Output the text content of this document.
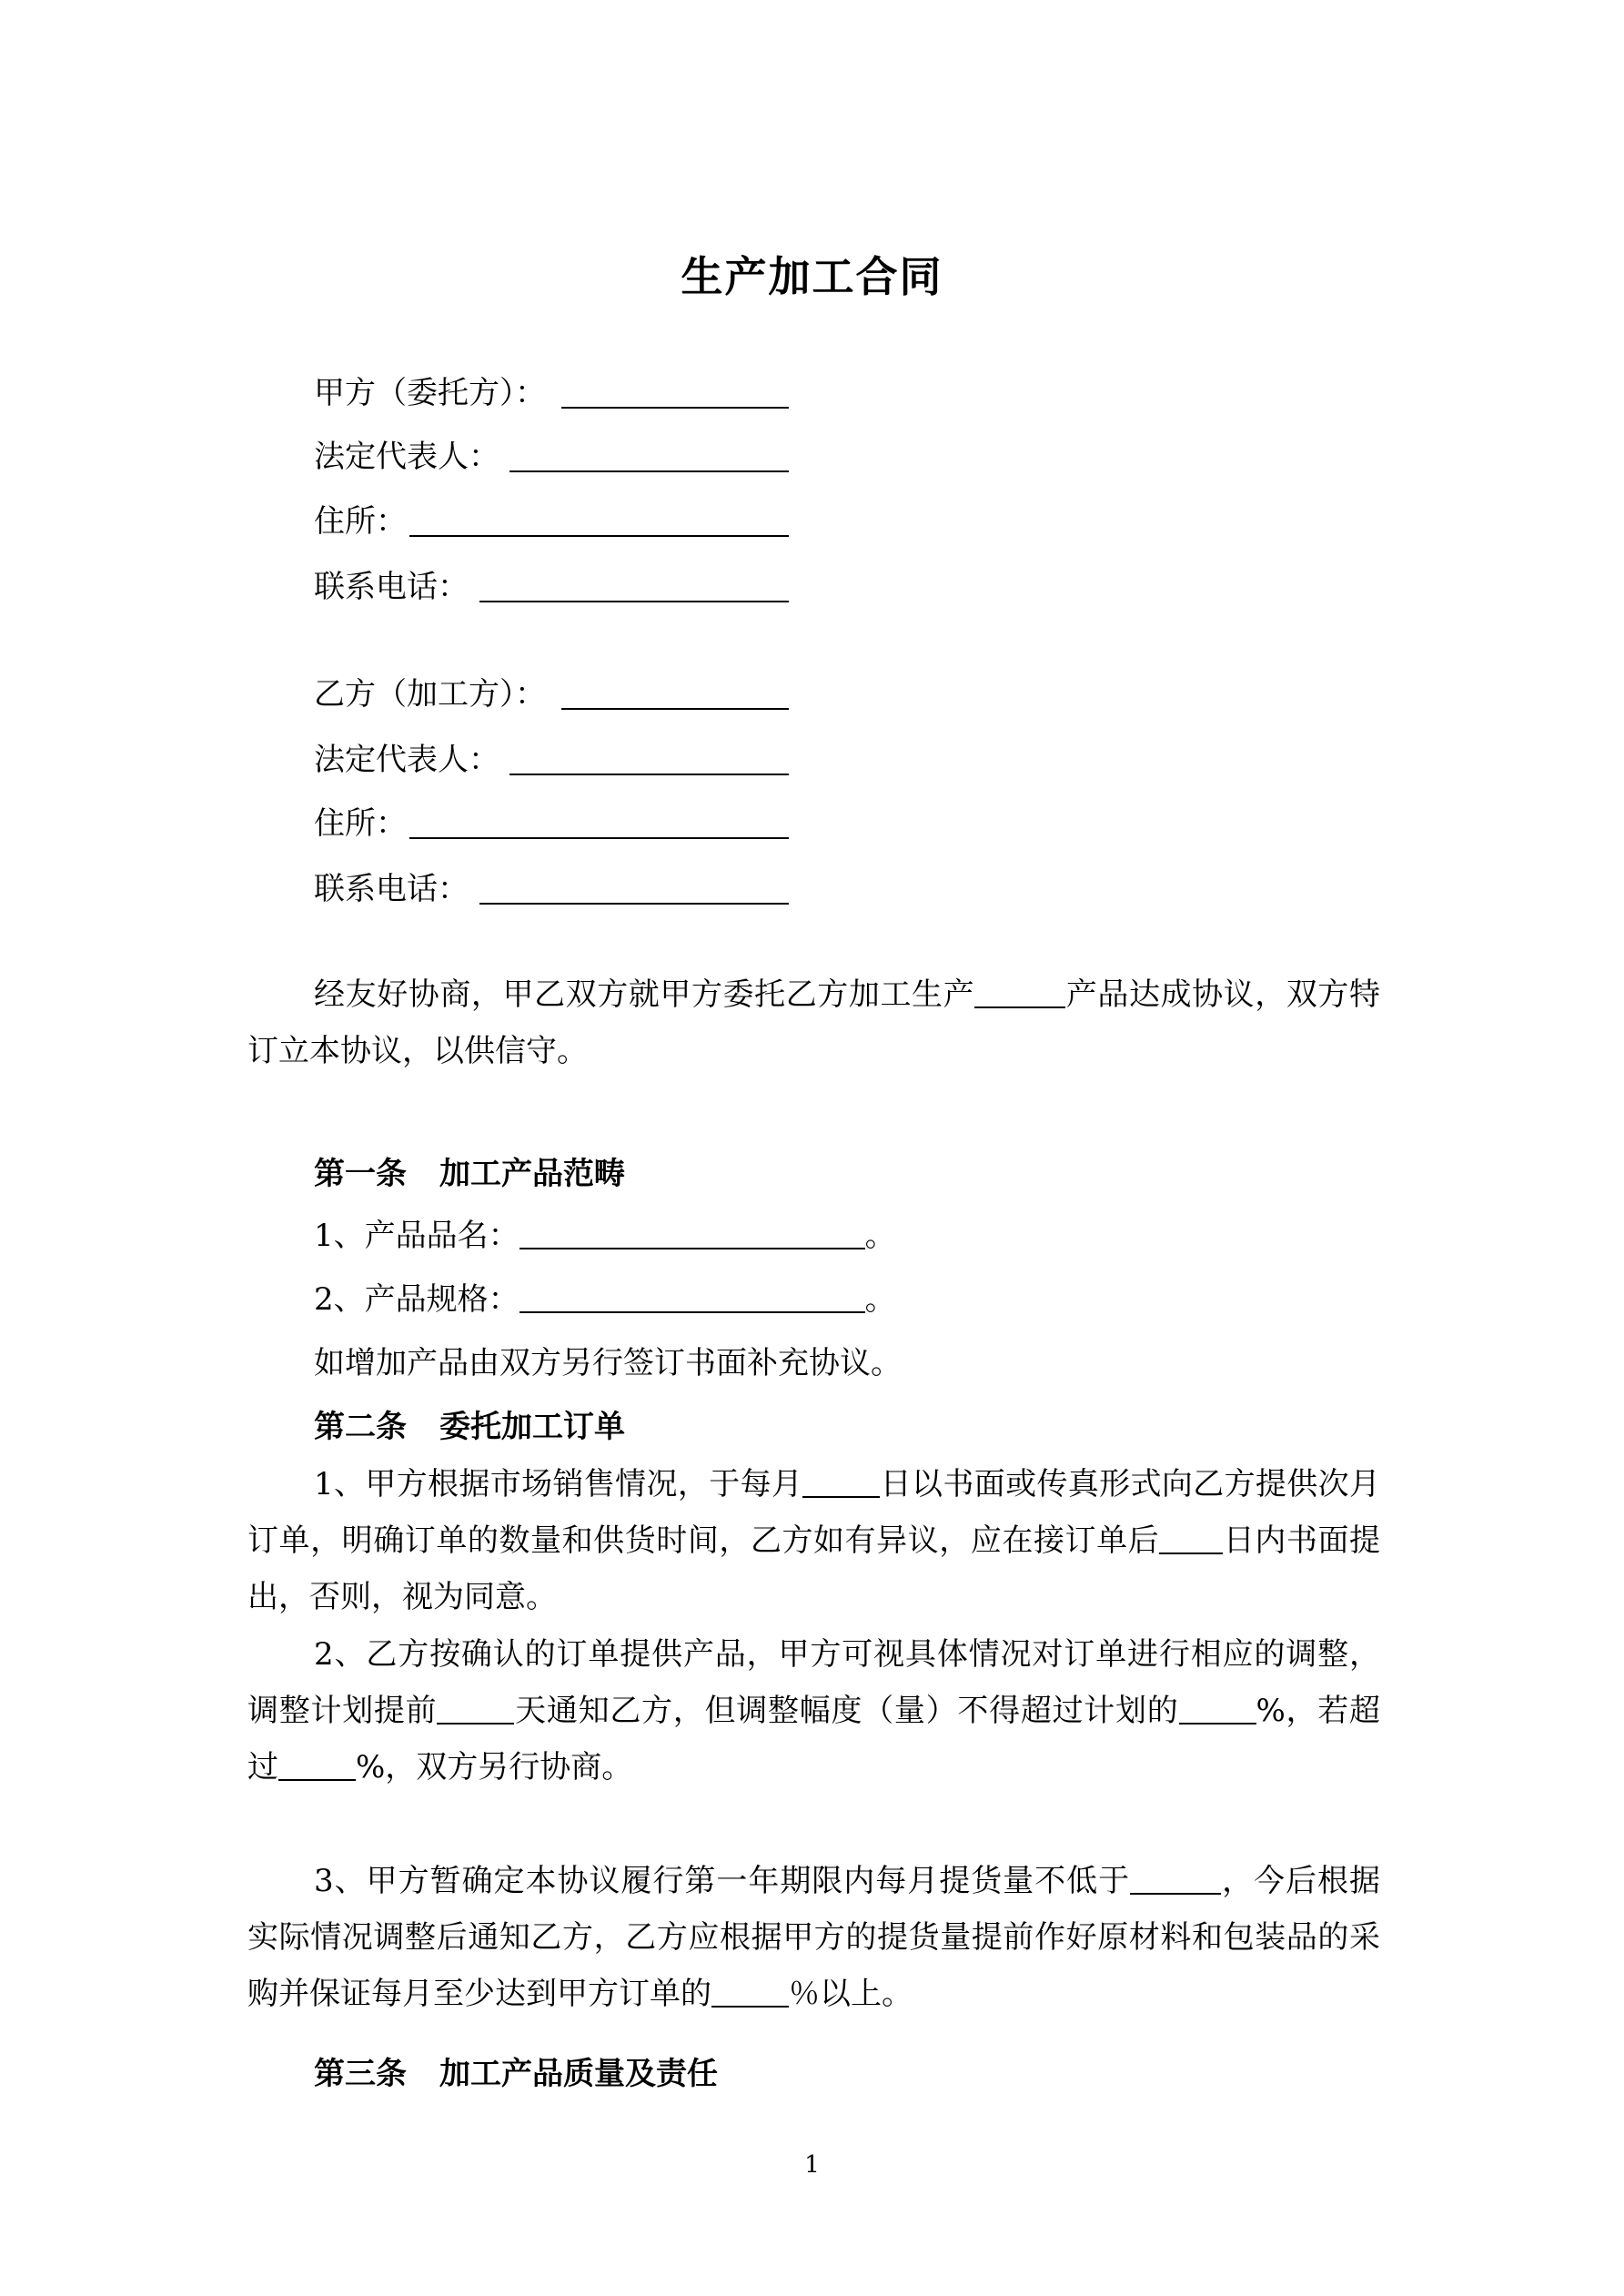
生产加工合同
甲方（委托方）：
法定代表人：
住所：
联系电话：
乙方（加工方）：
法定代表人：
住所：
联系电话：
经友好协商，甲乙双方就甲方委托乙方加工生产	产品达成协议，双方特订立本协议，以供信守。
第一条 加工产品范畴
1、产品品名：	。
2、产品规格：	。
如增加产品由双方另行签订书面补充协议。
第二条 委托加工订单
1、甲方根据市场销售情况，于每月	日以书面或传真形式向乙方提供次月订单，明确订单的数量和供货时间，乙方如有异议，应在接订单后 日内书面提出，否则，视为同意。
2、乙方按确认的订单提供产品，甲方可视具体情况对订单进行相应的调整，调整计划提前	天通知乙方，但调整幅度（量）不得超过计划的	%，若超过	%，双方另行协商。
3、甲方暂确定本协议履行第一年期限内每月提货量不低于	，今后根据实际情况调整后通知乙方，乙方应根据甲方的提货量提前作好原材料和包装品的采购并保证每月至少达到甲方订单的	％以上。
第三条 加工产品质量及责任
1
